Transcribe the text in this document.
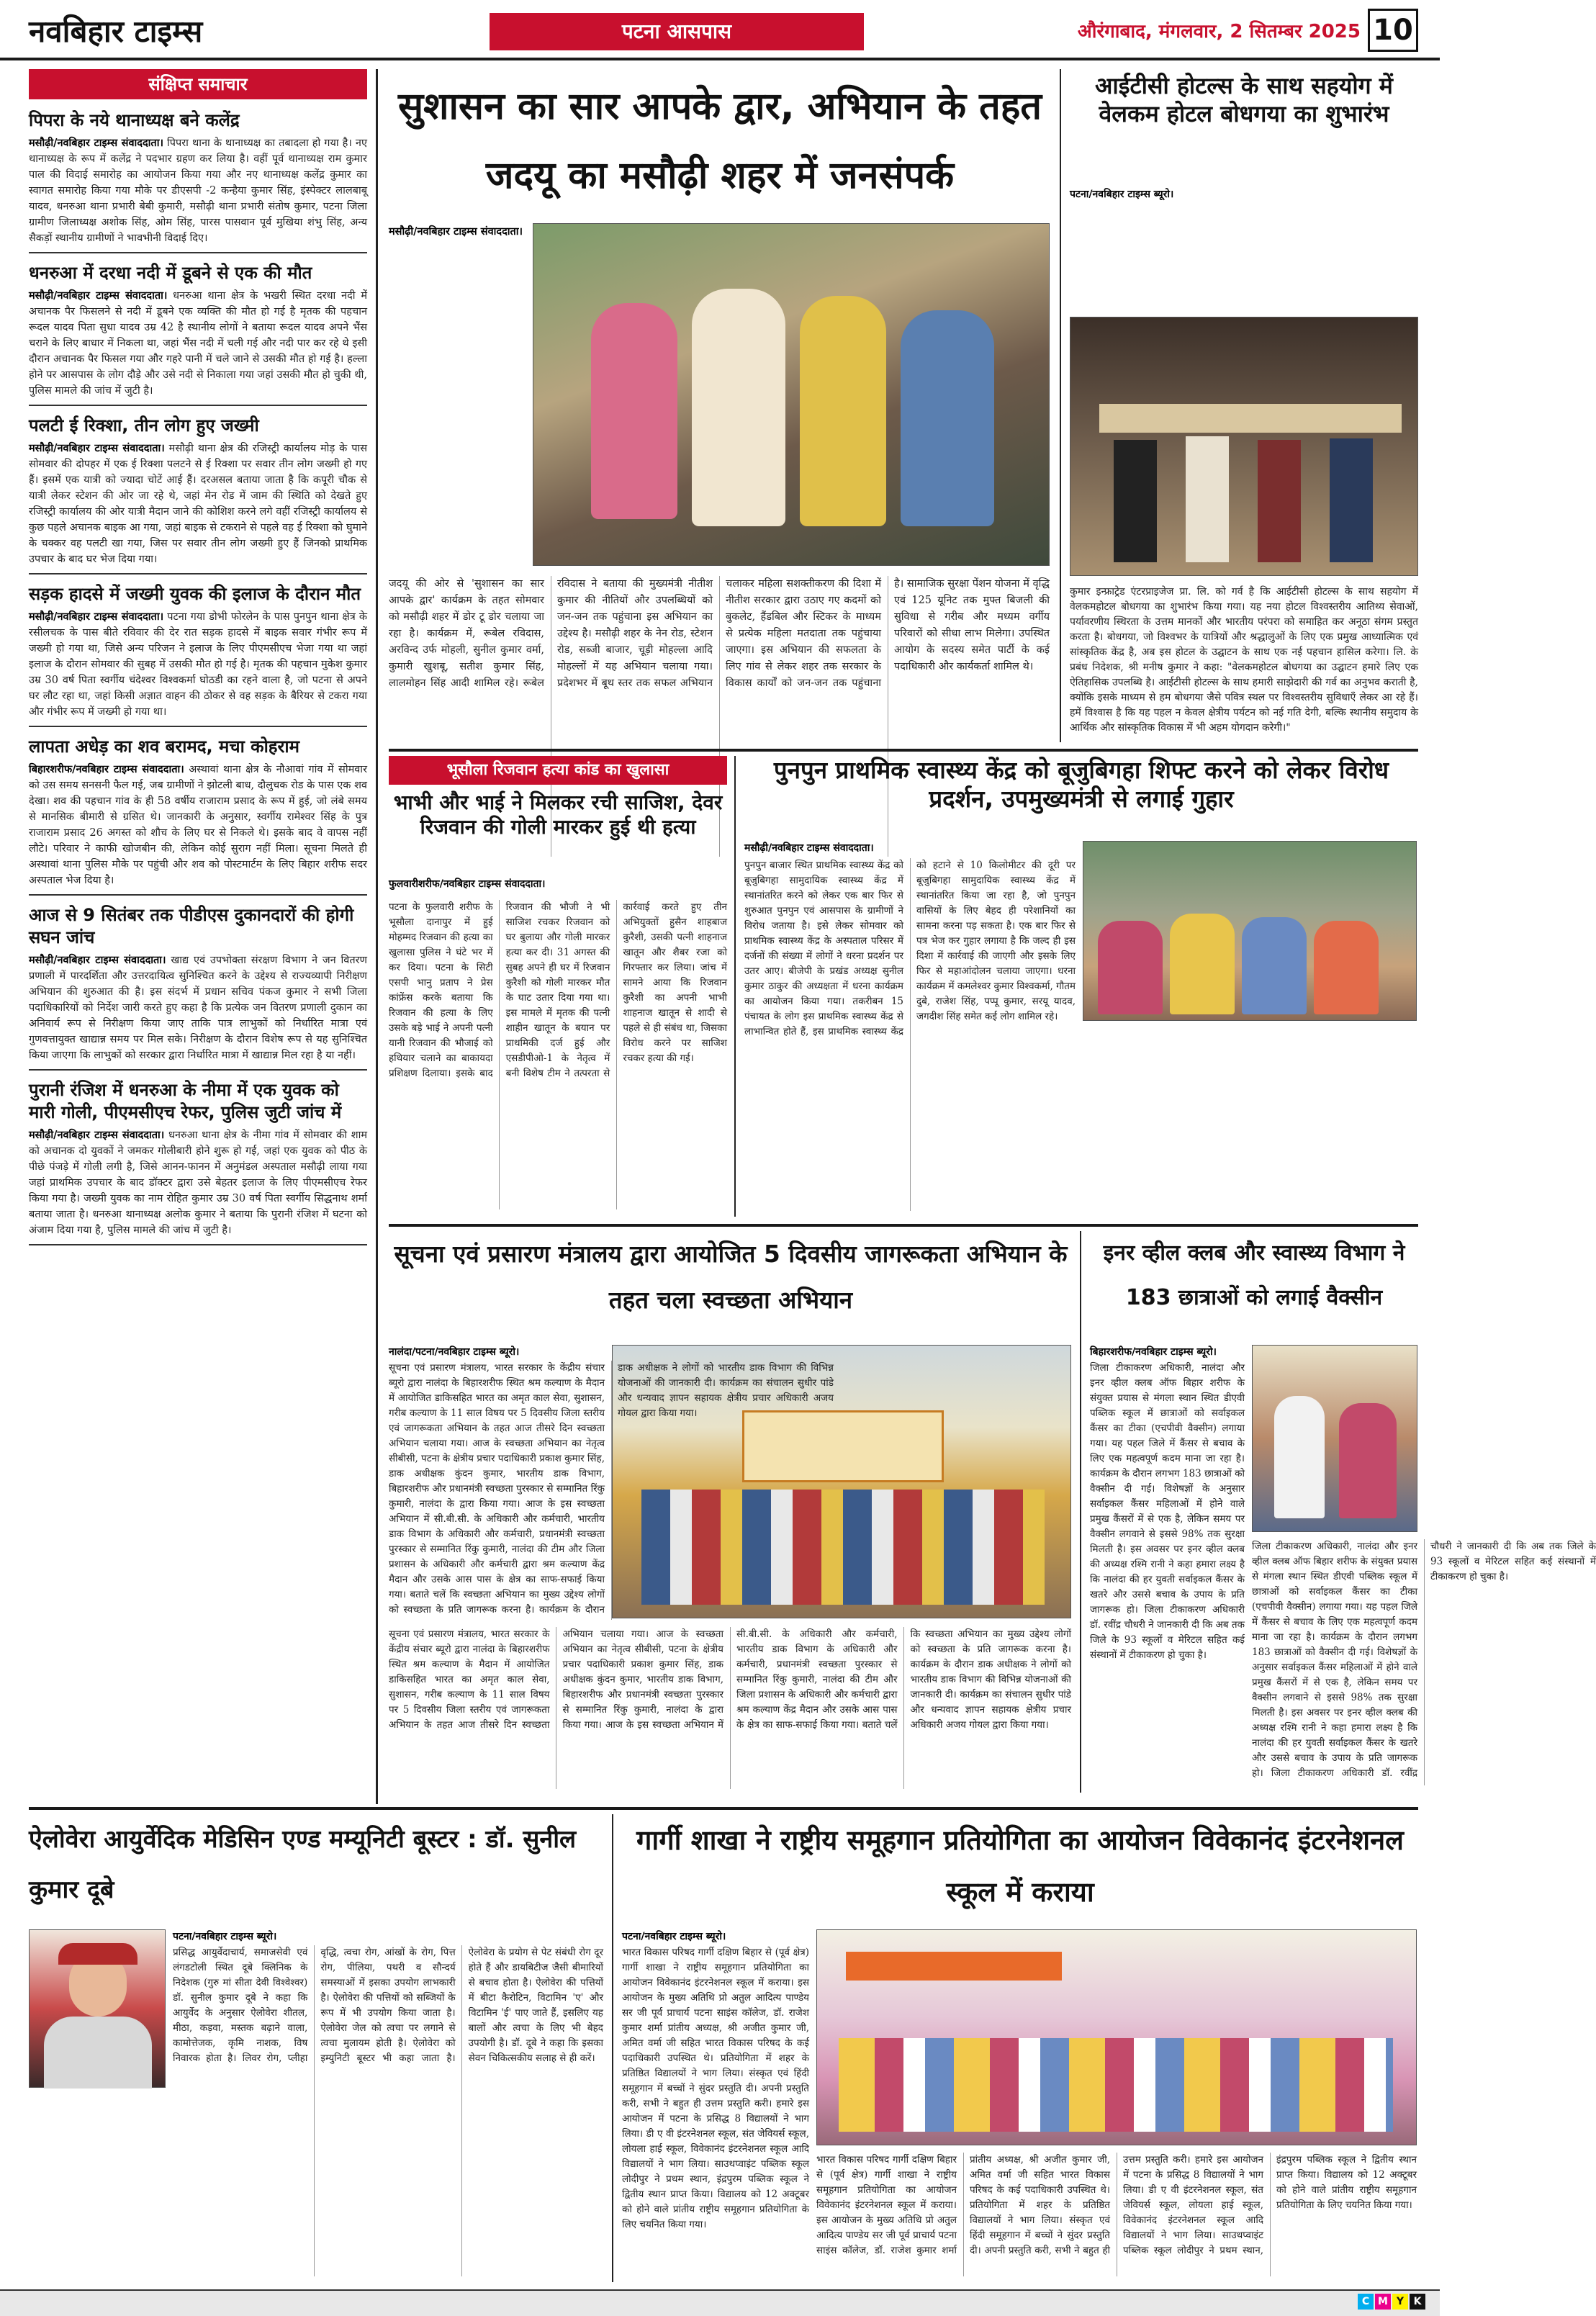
नवबिहार टाइम्स	पटना आसपास	औरंगाबाद, मंगलवार, 2 सितम्बर 2025 10
संक्षिप्त समाचार
पिपरा के नये थानाध्यक्ष बने कलेंद्र

मसौढ़ी/नवबिहार टाइम्स संवाददाता। पिपरा थाना के थानाध्यक्ष का तबादला हो गया है। नए थानाध्यक्ष के रूप में कलेंद्र ने पदभार ग्रहण कर लिया है। वहीं पूर्व थानाध्यक्ष राम कुमार पाल की विदाई समारोह का आयोजन किया गया और नए थानाध्यक्ष कलेंद्र कुमार का स्वागत समारोह किया गया मौके पर डीएसपी -2 कन्हैया कुमार सिंह, इंस्पेक्टर लालबाबू यादव, धनरुआ थाना प्रभारी बेबी कुमारी, मसौढ़ी थाना प्रभारी संतोष कुमार, पटना जिला ग्रामीण जिलाध्यक्ष अशोक सिंह, ओम सिंह, पारस पासवान पूर्व मुखिया शंभु सिंह, अन्य सैकड़ों स्थानीय ग्रामीणों ने भावभीनी विदाई दिए।

धनरुआ में दरधा नदी में डूबने से एक की मौत

मसौढ़ी/नवबिहार टाइम्स संवाददाता। धनरुआ थाना क्षेत्र के भखरी स्थित दरधा नदी में अचानक पैर फिसलने से नदी में डूबने एक व्यक्ति की मौत हो गई है मृतक की पहचान रूदल यादव पिता सुधा यादव उम्र 42 है स्थानीय लोगों ने बताया रूदल यादव अपने भैंस चराने के लिए बाधार में निकला था, जहां भैंस नदी में चली गई और नदी पार कर रहे थे इसी दौरान अचानक पैर फिसल गया और गहरे पानी में चले जाने से उसकी मौत हो गई है। हल्ला होने पर आसपास के लोग दौड़े और उसे नदी से निकाला गया जहां उसकी मौत हो चुकी थी, पुलिस मामले की जांच में जुटी है।

पलटी ई रिक्शा, तीन लोग हुए जख्मी

मसौढ़ी/नवबिहार टाइम्स संवाददाता। मसौढ़ी थाना क्षेत्र की रजिस्ट्री कार्यालय मोड़ के पास सोमवार की दोपहर में एक ई रिक्शा पलटने से ई रिक्शा पर सवार तीन लोग जख्मी हो गए हैं। इसमें एक यात्री को ज्यादा चोटें आई हैं। दरअसल बताया जाता है कि कपूरी चौक से यात्री लेकर स्टेशन की ओर जा रहे थे, जहां मेन रोड में जाम की स्थिति को देखते हुए रजिस्ट्री कार्यालय की ओर यात्री मैदान जाने की कोशिश करने लगे वहीं रजिस्ट्री कार्यालय से कुछ पहले अचानक बाइक आ गया, जहां बाइक से टकराने से पहले वह ई रिक्शा को घुमाने के चक्कर वह पलटी खा गया, जिस पर सवार तीन लोग जख्मी हुए हैं जिनको प्राथमिक उपचार के बाद घर भेज दिया गया।

सड़क हादसे में जख्मी युवक की इलाज के दौरान मौत

मसौढ़ी/नवबिहार टाइम्स संवाददाता। पटना गया डोभी फोरलेन के पास पुनपुन थाना क्षेत्र के रसीलचक के पास बीते रविवार की देर रात सड़क हादसे में बाइक सवार गंभीर रूप में जख्मी हो गया था, जिसे अन्य परिजन ने इलाज के लिए पीएमसीएच भेजा गया था जहां इलाज के दौरान सोमवार की सुबह में उसकी मौत हो गई है। मृतक की पहचान मुकेश कुमार उम्र 30 वर्ष पिता स्वर्गीय चंदेश्वर विश्वकर्मा घोठडी का रहने वाला है, जो पटना से अपने घर लौट रहा था, जहां किसी अज्ञात वाहन की ठोकर से वह सड़क के बैरियर से टकरा गया और गंभीर रूप में जख्मी हो गया था।

लापता अधेड़ का शव बरामद, मचा कोहराम

बिहारशरीफ/नवबिहार टाइम्स संवाददाता। अस्थावां थाना क्षेत्र के नौआवां गांव में सोमवार को उस समय सनसनी फैल गई, जब ग्रामीणों ने झोटली बाध, दौलुचक रोड के पास एक शव देखा। शव की पहचान गांव के ही 58 वर्षीय राजाराम प्रसाद के रूप में हुई, जो लंबे समय से मानसिक बीमारी से ग्रसित थे। जानकारी के अनुसार, स्वर्गीय रामेश्वर सिंह के पुत्र राजाराम प्रसाद 26 अगस्त को शौच के लिए घर से निकले थे। इसके बाद वे वापस नहीं लौटे। परिवार ने काफी खोजबीन की, लेकिन कोई सुराग नहीं मिला। सूचना मिलते ही अस्थावां थाना पुलिस मौके पर पहुंची और शव को पोस्टमार्टम के लिए बिहार शरीफ सदर अस्पताल भेज दिया है।

आज से 9 सितंबर तक पीडीएस दुकानदारों की होगी सघन जांच

मसौढ़ी/नवबिहार टाइम्स संवाददाता। खाद्य एवं उपभोक्ता संरक्षण विभाग ने जन वितरण प्रणाली में पारदर्शिता और उत्तरदायित्व सुनिश्चित करने के उद्देश्य से राज्यव्यापी निरीक्षण अभियान की शुरुआत की है। इस संदर्भ में प्रधान सचिव पंकज कुमार ने सभी जिला पदाधिकारियों को निर्देश जारी करते हुए कहा है कि प्रत्येक जन वितरण प्रणाली दुकान का अनिवार्य रूप से निरीक्षण किया जाए ताकि पात्र लाभुकों को निर्धारित मात्रा एवं गुणवत्तायुक्त खाद्यान्न समय पर मिल सके। निरीक्षण के दौरान विशेष रूप से यह सुनिश्चित किया जाएगा कि लाभुकों को सरकार द्वारा निर्धारित मात्रा में खाद्यान्न मिल रहा है या नहीं।

पुरानी रंजिश में धनरुआ के नीमा में एक युवक को मारी गोली, पीएमसीएच रेफर, पुलिस जुटी जांच में

मसौढ़ी/नवबिहार टाइम्स संवाददाता। धनरुआ थाना क्षेत्र के नीमा गांव में सोमवार की शाम को अचानक दो युवकों ने जमकर गोलीबारी होने शुरू हो गई, जहां एक युवक को पीठ के पीछे पंजड़े में गोली लगी है, जिसे आनन-फानन में अनुमंडल अस्पताल मसौढ़ी लाया गया जहां प्राथमिक उपचार के बाद डॉक्टर द्वारा उसे बेहतर इलाज के लिए पीएमसीएच रेफर किया गया है। जख्मी युवक का नाम रोहित कुमार उम्र 30 वर्ष पिता स्वर्गीय सिद्धनाथ शर्मा बताया जाता है। धनरुआ थानाध्यक्ष अलोक कुमार ने बताया कि पुरानी रंजिश में घटना को अंजाम दिया गया है, पुलिस मामले की जांच में जुटी है।

सुशासन का सार आपके द्वार, अभियान के तहत जदयू का मसौढ़ी शहर में जनसंपर्क
मसौढ़ी/नवबिहार टाइम्स संवाददाता।
जदयू की ओर से 'सुशासन का सार आपके द्वार' कार्यक्रम के तहत सोमवार को मसौढ़ी शहर में डोर टू डोर चलाया जा रहा है। कार्यक्रम में, रूबेल रविदास, अरविन्द उर्फ मोहली, सुनील कुमार वर्मा, कुमारी खुशबू, सतीश कुमार सिंह, लालमोहन सिंह आदी शामिल रहे। रूबेल रविदास ने बताया की मुख्यमंत्री नीतीश कुमार की नीतियों और उपलब्धियों को जन-जन तक पहुंचाना इस अभियान का उद्देश्य है। मसौढ़ी शहर के नेन रोड, स्टेशन रोड, सब्जी बाजार, चूड़ी मोहल्ला आदि मोहल्लों में यह अभियान चलाया गया। प्रदेशभर में बूथ स्तर तक सफल अभियान चलाकर महिला सशक्तीकरण की दिशा में नीतीश सरकार द्वारा उठाए गए कदमों को बुकलेट, हैंडबिल और स्टिकर के माध्यम से प्रत्येक महिला मतदाता तक पहुंचाया जाएगा। इस अभियान की सफलता के लिए गांव से लेकर शहर तक सरकार के विकास कार्यों को जन-जन तक पहुंचाना है। सामाजिक सुरक्षा पेंशन योजना में वृद्धि एवं 125 यूनिट तक मुफ्त बिजली की सुविधा से गरीब और मध्यम वर्गीय परिवारों को सीधा लाभ मिलेगा। उपस्थित आयोग के सदस्य समेत पार्टी के कई पदाधिकारी और कार्यकर्ता शामिल थे।
आईटीसी होटल्स के साथ सहयोग में वेलकम होटल बोधगया का शुभारंभ
पटना/नवबिहार टाइम्स ब्यूरो।
कुमार इन्फ्राट्रेड एंटरप्राइजेज प्रा. लि. को गर्व है कि आईटीसी होटल्स के साथ सहयोग में वेलकमहोटल बोधगया का शुभारंभ किया गया। यह नया होटल विश्वस्तरीय आतिथ्य सेवाओं, पर्यावरणीय स्थिरता के उत्तम मानकों और भारतीय परंपरा को समाहित कर अनूठा संगम प्रस्तुत करता है। बोधगया, जो विश्वभर के यात्रियों और श्रद्धालुओं के लिए एक प्रमुख आध्यात्मिक एवं सांस्कृतिक केंद्र है, अब इस होटल के उद्घाटन के साथ एक नई पहचान हासिल करेगा। लि. के प्रबंध निदेशक, श्री मनीष कुमार ने कहा: "वेलकमहोटल बोधगया का उद्घाटन हमारे लिए एक ऐतिहासिक उपलब्धि है। आईटीसी होटल्स के साथ हमारी साझेदारी की गर्व का अनुभव कराती है, क्योंकि इसके माध्यम से हम बोधगया जैसे पवित्र स्थल पर विश्वस्तरीय सुविधाएँ लेकर आ रहे हैं। हमें विश्वास है कि यह पहल न केवल क्षेत्रीय पर्यटन को नई गति देगी, बल्कि स्थानीय समुदाय के आर्थिक और सांस्कृतिक विकास में भी अहम योगदान करेगी।"
भूसौला रिजवान हत्या कांड का खुलासा
भाभी और भाई ने मिलकर रची साजिश, देवर रिजवान की गोली मारकर हुई थी हत्या
फुलवारीशरीफ/नवबिहार टाइम्स संवाददाता।
पटना के फुलवारी शरीफ के भूसौला दानापुर में हुई मोहम्मद रिजवान की हत्या का खुलासा पुलिस ने घंटे भर में कर दिया। पटना के सिटी एसपी भानु प्रताप ने प्रेस कांफ्रेंस करके बताया कि रिजवान की हत्या के लिए उसके बड़े भाई ने अपनी पत्नी यानी रिजवान की भौजाई को हथियार चलाने का बाकायदा प्रशिक्षण दिलाया। इसके बाद रिजवान की भौजी ने भी साजिश रचकर रिजवान को घर बुलाया और गोली मारकर हत्या कर दी। 31 अगस्त की सुबह अपने ही घर में रिजवान कुरैशी को गोली मारकर मौत के घाट उतार दिया गया था। इस मामले में मृतक की पत्नी शाहीन खातून के बयान पर प्राथमिकी दर्ज हुई और एसडीपीओ-1 के नेतृत्व में बनी विशेष टीम ने तत्परता से कार्रवाई करते हुए तीन अभियुक्तों हुसैन शाहबाज कुरैशी, उसकी पत्नी शाहनाज खातून और शैबर रजा को गिरफ्तार कर लिया। जांच में सामने आया कि रिजवान कुरैशी का अपनी भाभी शाहनाज खातून से शादी से पहले से ही संबंध था, जिसका विरोध करने पर साजिश रचकर हत्या की गई।
पुनपुन प्राथमिक स्वास्थ्य केंद्र को बूजुबिगहा शिफ्ट करने को लेकर विरोध प्रदर्शन, उपमुख्यमंत्री से लगाई गुहार
मसौढ़ी/नवबिहार टाइम्स संवाददाता।
पुनपुन बाजार स्थित प्राथमिक स्वास्थ्य केंद्र को बूजुबिगहा सामुदायिक स्वास्थ्य केंद्र में स्थानांतरित करने को लेकर एक बार फिर से शुरुआत पुनपुन एवं आसपास के ग्रामीणों ने विरोध जताया है। इसे लेकर सोमवार को प्राथमिक स्वास्थ्य केंद्र के अस्पताल परिसर में दर्जनों की संख्या में लोगों ने धरना प्रदर्शन पर उतर आए। बीजेपी के प्रखंड अध्यक्ष सुनील कुमार ठाकुर की अध्यक्षता में धरना कार्यक्रम का आयोजन किया गया। तकरीबन 15 पंचायत के लोग इस प्राथमिक स्वास्थ्य केंद्र से लाभान्वित होते हैं, इस प्राथमिक स्वास्थ्य केंद्र को हटाने से 10 किलोमीटर की दूरी पर बूजुबिगहा सामुदायिक स्वास्थ्य केंद्र में स्थानांतरित किया जा रहा है, जो पुनपुन वासियों के लिए बेहद ही परेशानियों का सामना करना पड़ सकता है। एक बार फिर से पत्र भेज कर गुहार लगाया है कि जल्द ही इस दिशा में कार्रवाई की जाएगी और इसके लिए फिर से महाआंदोलन चलाया जाएगा। धरना कार्यक्रम में कमलेश्वर कुमार विश्वकर्मा, गौतम दुबे, राजेश सिंह, पप्पू कुमार, सरयू यादव, जगदीश सिंह समेत कई लोग शामिल रहे।
सूचना एवं प्रसारण मंत्रालय द्वारा आयोजित 5 दिवसीय जागरूकता अभियान के तहत चला स्वच्छता अभियान
नालंदा/पटना/नवबिहार टाइम्स ब्यूरो।
सूचना एवं प्रसारण मंत्रालय, भारत सरकार के केंद्रीय संचार ब्यूरो द्वारा नालंदा के बिहारशरीफ स्थित श्रम कल्याण के मैदान में आयोजित डाकिसहित भारत का अमृत काल सेवा, सुशासन, गरीब कल्याण के 11 साल विषय पर 5 दिवसीय जिला स्तरीय एवं जागरूकता अभियान के तहत आज तीसरे दिन स्वच्छता अभियान चलाया गया। आज के स्वच्छता अभियान का नेतृत्व सीबीसी, पटना के क्षेत्रीय प्रचार पदाधिकारी प्रकाश कुमार सिंह, डाक अधीक्षक कुंदन कुमार, भारतीय डाक विभाग, बिहारशरीफ और प्रधानमंत्री स्वच्छता पुरस्कार से सम्मानित रिंकु कुमारी, नालंदा के द्वारा किया गया। आज के इस स्वच्छता अभियान में सी.बी.सी. के अधिकारी और कर्मचारी, भारतीय डाक विभाग के अधिकारी और कर्मचारी, प्रधानमंत्री स्वच्छता पुरस्कार से सम्मानित रिंकु कुमारी, नालंदा की टीम और जिला प्रशासन के अधिकारी और कर्मचारी द्वारा श्रम कल्याण केंद्र मैदान और उसके आस पास के क्षेत्र का साफ-सफाई किया गया। बताते चलें कि स्वच्छता अभियान का मुख्य उद्देश्य लोगों को स्वच्छता के प्रति जागरूक करना है। कार्यक्रम के दौरान
सूचना एवं प्रसारण मंत्रालय, भारत सरकार के केंद्रीय संचार ब्यूरो द्वारा नालंदा के बिहारशरीफ स्थित श्रम कल्याण के मैदान में आयोजित डाकिसहित भारत का अमृत काल सेवा, सुशासन, गरीब कल्याण के 11 साल विषय पर 5 दिवसीय जिला स्तरीय एवं जागरूकता अभियान के तहत आज तीसरे दिन स्वच्छता अभियान चलाया गया। आज के स्वच्छता अभियान का नेतृत्व सीबीसी, पटना के क्षेत्रीय प्रचार पदाधिकारी प्रकाश कुमार सिंह, डाक अधीक्षक कुंदन कुमार, भारतीय डाक विभाग, बिहारशरीफ और प्रधानमंत्री स्वच्छता पुरस्कार से सम्मानित रिंकु कुमारी, नालंदा के द्वारा किया गया। आज के इस स्वच्छता अभियान में सी.बी.सी. के अधिकारी और कर्मचारी, भारतीय डाक विभाग के अधिकारी और कर्मचारी, प्रधानमंत्री स्वच्छता पुरस्कार से सम्मानित रिंकु कुमारी, नालंदा की टीम और जिला प्रशासन के अधिकारी और कर्मचारी द्वारा श्रम कल्याण केंद्र मैदान और उसके आस पास के क्षेत्र का साफ-सफाई किया गया। बताते चलें कि स्वच्छता अभियान का मुख्य उद्देश्य लोगों को स्वच्छता के प्रति जागरूक करना है। कार्यक्रम के दौरान डाक अधीक्षक ने लोगों को भारतीय डाक विभाग की विभिन्न योजनाओं की जानकारी दी। कार्यक्रम का संचालन सुधीर पांडे और धन्यवाद ज्ञापन सहायक क्षेत्रीय प्रचार अधिकारी अजय गोयल द्वारा किया गया।
इनर व्हील क्लब और स्वास्थ्य विभाग ने 183 छात्राओं को लगाई वैक्सीन
बिहारशरीफ/नवबिहार टाइम्स ब्यूरो।
जिला टीकाकरण अधिकारी, नालंदा और इनर व्हील क्लब ऑफ बिहार शरीफ के संयुक्त प्रयास से मंगला स्थान स्थित डीएवी पब्लिक स्कूल में छात्राओं को सर्वाइकल कैंसर का टीका (एचपीवी वैक्सीन) लगाया गया। यह पहल जिले में कैंसर से बचाव के लिए एक महत्वपूर्ण कदम माना जा रहा है। कार्यक्रम के दौरान लगभग 183 छात्राओं को वैक्सीन दी गई। विशेषज्ञों के अनुसार सर्वाइकल कैंसर महिलाओं में होने वाले प्रमुख कैंसरों में से एक है, लेकिन समय पर वैक्सीन लगवाने से इससे 98% तक सुरक्षा मिलती है। इस अवसर पर इनर व्हील क्लब की अध्यक्ष रश्मि रानी ने कहा हमारा लक्ष्य है कि नालंदा की हर युवती सर्वाइकल कैंसर के खतरे और उससे बचाव के उपाय के प्रति जागरूक हो। जिला टीकाकरण अधिकारी डॉ. रवींद्र चौधरी ने जानकारी दी कि अब तक जिले के 93 स्कूलों व मेरिटल सहित कई संस्थानों में टीकाकरण हो चुका है।
जिला टीकाकरण अधिकारी, नालंदा और इनर व्हील क्लब ऑफ बिहार शरीफ के संयुक्त प्रयास से मंगला स्थान स्थित डीएवी पब्लिक स्कूल में छात्राओं को सर्वाइकल कैंसर का टीका (एचपीवी वैक्सीन) लगाया गया। यह पहल जिले में कैंसर से बचाव के लिए एक महत्वपूर्ण कदम माना जा रहा है। कार्यक्रम के दौरान लगभग 183 छात्राओं को वैक्सीन दी गई। विशेषज्ञों के अनुसार सर्वाइकल कैंसर महिलाओं में होने वाले प्रमुख कैंसरों में से एक है, लेकिन समय पर वैक्सीन लगवाने से इससे 98% तक सुरक्षा मिलती है। इस अवसर पर इनर व्हील क्लब की अध्यक्ष रश्मि रानी ने कहा हमारा लक्ष्य है कि नालंदा की हर युवती सर्वाइकल कैंसर के खतरे और उससे बचाव के उपाय के प्रति जागरूक हो। जिला टीकाकरण अधिकारी डॉ. रवींद्र चौधरी ने जानकारी दी कि अब तक जिले के 93 स्कूलों व मेरिटल सहित कई संस्थानों में टीकाकरण हो चुका है।
ऐलोवेरा आयुर्वेदिक मेडिसिन एण्ड मम्यूनिटी बूस्टर : डॉ. सुनील कुमार दूबे
पटना/नवबिहार टाइम्स ब्यूरो।
प्रसिद्ध आयुर्वेदाचार्य, समाजसेवी एवं लंगडटोली स्थित दूबे क्लिनिक के निदेशक (गुरु मां सीता देवी विश्वेश्वर) डॉ. सुनील कुमार दूबे ने कहा कि आयुर्वेद के अनुसार ऐलोवेरा शीतल, मीठा, कड़वा, मस्तक बढ़ाने वाला, कामोत्तेजक, कृमि नाशक, विष निवारक होता है। लिवर रोग, प्लीहा वृद्धि, त्वचा रोग, आंखों के रोग, पित्त रोग, पीलिया, पथरी व सौन्दर्य समस्याओं में इसका उपयोग लाभकारी है। ऐलोवेरा की पत्तियों को सब्जियों के रूप में भी उपयोग किया जाता है। ऐलोवेरा जेल को त्वचा पर लगाने से त्वचा मुलायम होती है। ऐलोवेरा को इम्युनिटी बूस्टर भी कहा जाता है। ऐलोवेरा के प्रयोग से पेट संबंधी रोग दूर होते हैं और डायबिटीज जैसी बीमारियों से बचाव होता है। ऐलोवेरा की पत्तियों में बीटा कैरोटिन, विटामिन 'ए' और विटामिन 'ई' पाए जाते हैं, इसलिए यह बालों और त्वचा के लिए भी बेहद उपयोगी है। डॉ. दूबे ने कहा कि इसका सेवन चिकित्सकीय सलाह से ही करें।
गार्गी शाखा ने राष्ट्रीय समूहगान प्रतियोगिता का आयोजन विवेकानंद इंटरनेशनल स्कूल में कराया
पटना/नवबिहार टाइम्स ब्यूरो।
भारत विकास परिषद गार्गी दक्षिण बिहार से (पूर्व क्षेत्र) गार्गी शाखा ने राष्ट्रीय समूहगान प्रतियोगिता का आयोजन विवेकानंद इंटरनेशनल स्कूल में कराया। इस आयोजन के मुख्य अतिथि प्रो अतुल आदित्य पाण्डेय सर जी पूर्व प्राचार्य पटना साइंस कॉलेज, डॉ. राजेश कुमार शर्मा प्रांतीय अध्यक्ष, श्री अजीत कुमार जी, अमित वर्मा जी सहित भारत विकास परिषद के कई पदाधिकारी उपस्थित थे। प्रतियोगिता में शहर के प्रतिष्ठित विद्यालयों ने भाग लिया। संस्कृत एवं हिंदी समूहगान में बच्चों ने सुंदर प्रस्तुति दी। अपनी प्रस्तुति करी, सभी ने बहुत ही उत्तम प्रस्तुति करी। हमारे इस आयोजन में पटना के प्रसिद्ध 8 विद्यालयों ने भाग लिया। डी ए वी इंटरनेशनल स्कूल, संत जेवियर्स स्कूल, लोयला हाई स्कूल, विवेकानंद इंटरनेशनल स्कूल आदि विद्यालयों ने भाग लिया। साउथप्वाइंट पब्लिक स्कूल लोदीपुर ने प्रथम स्थान, इंद्रपुरम पब्लिक स्कूल ने द्वितीय स्थान प्राप्त किया। विद्यालय को 12 अक्टूबर को होने वाले प्रांतीय राष्ट्रीय समूहगान प्रतियोगिता के लिए चयनित किया गया।
भारत विकास परिषद गार्गी दक्षिण बिहार से (पूर्व क्षेत्र) गार्गी शाखा ने राष्ट्रीय समूहगान प्रतियोगिता का आयोजन विवेकानंद इंटरनेशनल स्कूल में कराया। इस आयोजन के मुख्य अतिथि प्रो अतुल आदित्य पाण्डेय सर जी पूर्व प्राचार्य पटना साइंस कॉलेज, डॉ. राजेश कुमार शर्मा प्रांतीय अध्यक्ष, श्री अजीत कुमार जी, अमित वर्मा जी सहित भारत विकास परिषद के कई पदाधिकारी उपस्थित थे। प्रतियोगिता में शहर के प्रतिष्ठित विद्यालयों ने भाग लिया। संस्कृत एवं हिंदी समूहगान में बच्चों ने सुंदर प्रस्तुति दी। अपनी प्रस्तुति करी, सभी ने बहुत ही उत्तम प्रस्तुति करी। हमारे इस आयोजन में पटना के प्रसिद्ध 8 विद्यालयों ने भाग लिया। डी ए वी इंटरनेशनल स्कूल, संत जेवियर्स स्कूल, लोयला हाई स्कूल, विवेकानंद इंटरनेशनल स्कूल आदि विद्यालयों ने भाग लिया। साउथप्वाइंट पब्लिक स्कूल लोदीपुर ने प्रथम स्थान, इंद्रपुरम पब्लिक स्कूल ने द्वितीय स्थान प्राप्त किया। विद्यालय को 12 अक्टूबर को होने वाले प्रांतीय राष्ट्रीय समूहगान प्रतियोगिता के लिए चयनित किया गया।
C M Y K
